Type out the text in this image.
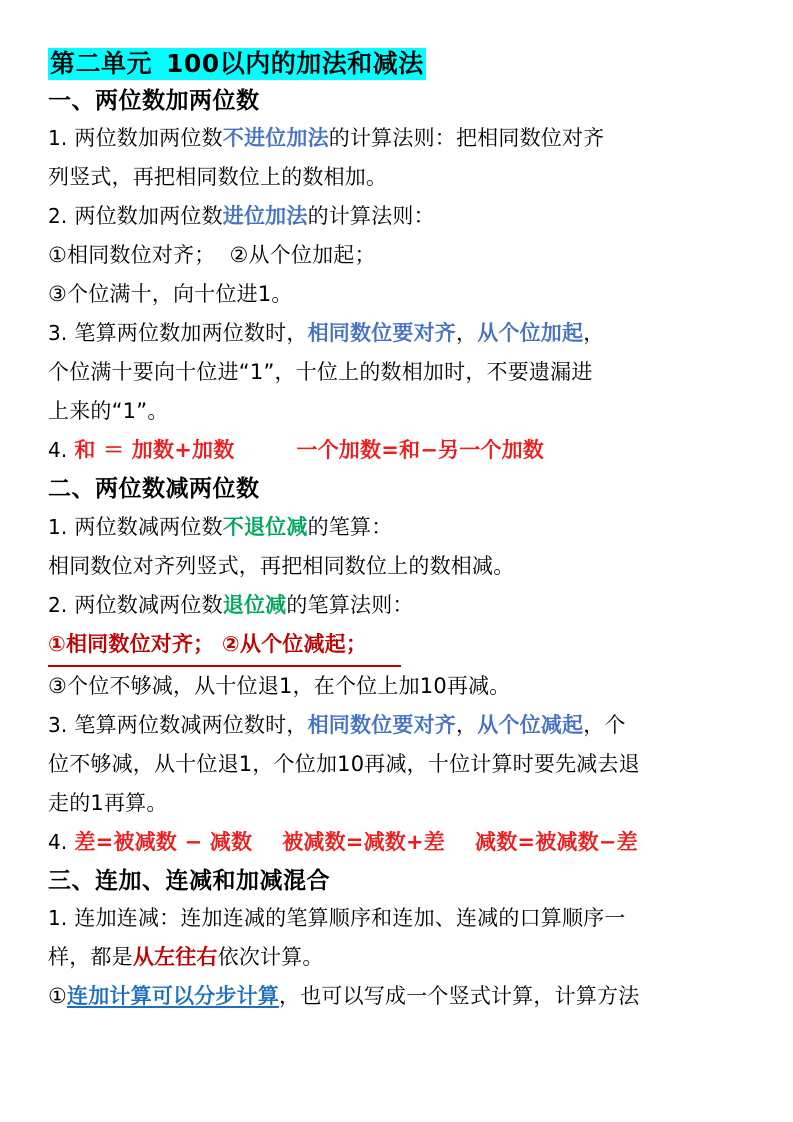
第二单元 100以内的加法和减法
一、两位数加两位数
1. 两位数加两位数不进位加法的计算法则：把相同数位对齐
列竖式，再把相同数位上的数相加。
2. 两位数加两位数进位加法的计算法则：
①相同数位对齐； ②从个位加起；
③个位满十，向十位进1。
3. 笔算两位数加两位数时，相同数位要对齐，从个位加起，
个位满十要向十位进“1”，十位上的数相加时，不要遗漏进
上来的“1”。
4. 和 ＝ 加数+加数	一个加数=和−另一个加数
二、两位数减两位数
1. 两位数减两位数不退位减的笔算：
相同数位对齐列竖式，再把相同数位上的数相减。
2. 两位数减两位数退位减的笔算法则：
①相同数位对齐； ②从个位减起；
③个位不够减，从十位退1，在个位上加10再减。
3. 笔算两位数减两位数时，相同数位要对齐，从个位减起，个
位不够减，从十位退1，个位加10再减，十位计算时要先减去退
走的1再算。
4. 差=被减数 − 减数 被减数=减数+差 减数=被减数−差
三、连加、连减和加减混合
1. 连加连减：连加连减的笔算顺序和连加、连减的口算顺序一
样，都是从左往右依次计算。
①连加计算可以分步计算，也可以写成一个竖式计算，计算方法
